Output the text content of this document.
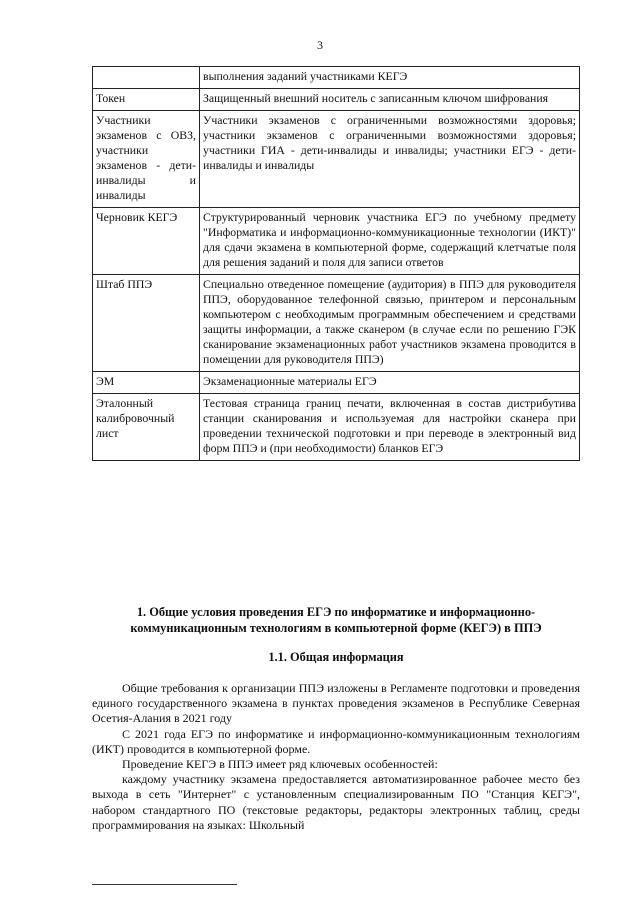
3
	выполнения заданий участниками КЕГЭ
Токен	Защищенный внешний носитель с записанным ключом шифрования
Участники экзаменов с ОВЗ, участники экзаменов - дети-инвалиды и инвалиды	Участники экзаменов с ограниченными возможностями здоровья; участники экзаменов с ограниченными возможностями здоровья; участники ГИА - дети-инвалиды и инвалиды; участники ЕГЭ - дети-инвалиды и инвалиды
Черновик КЕГЭ	Структурированный черновик участника ЕГЭ по учебному предмету "Информатика и информационно-коммуникационные технологии (ИКТ)" для сдачи экзамена в компьютерной форме, содержащий клетчатые поля для решения заданий и поля для записи ответов
Штаб ППЭ	Специально отведенное помещение (аудитория) в ППЭ для руководителя ППЭ, оборудованное телефонной связью, принтером и персональным компьютером с необходимым программным обеспечением и средствами защиты информации, а также сканером (в случае если по решению ГЭК сканирование экзаменационных работ участников экзамена проводится в помещении для руководителя ППЭ)
ЭМ	Экзаменационные материалы ЕГЭ
Эталонный калибровочный лист	Тестовая страница границ печати, включенная в состав дистрибутива станции сканирования и используемая для настройки сканера при проведении технической подготовки и при переводе в электронный вид форм ППЭ и (при необходимости) бланков ЕГЭ
1. Общие условия проведения ЕГЭ по информатике и информационно-коммуникационным технологиям в компьютерной форме (КЕГЭ) в ППЭ
1.1. Общая информация

Общие требования к организации ППЭ изложены в Регламенте подготовки и проведения единого государственного экзамена в пунктах проведения экзаменов в Республике Северная Осетия-Алания в 2021 году

С 2021 года ЕГЭ по информатике и информационно-коммуникационным технологиям (ИКТ) проводится в компьютерной форме.

Проведение КЕГЭ в ППЭ имеет ряд ключевых особенностей:

каждому участнику экзамена предоставляется автоматизированное рабочее место без выхода в сеть "Интернет" с установленным специализированным ПО "Станция КЕГЭ", набором стандартного ПО (текстовые редакторы, редакторы электронных таблиц, среды программирования на языках: Школьный
